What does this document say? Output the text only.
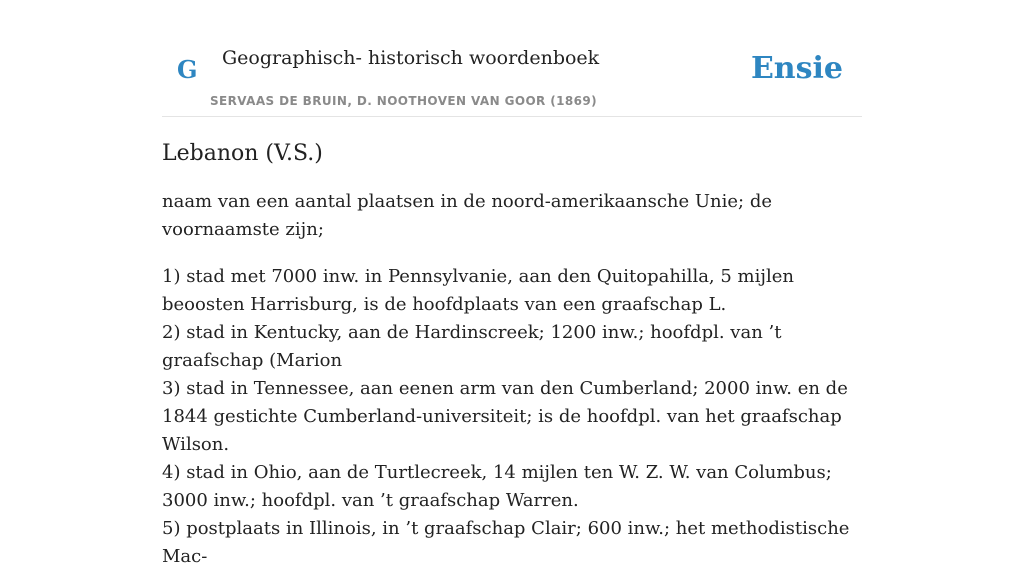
G Geographisch- historisch woordenboek
SERVAAS DE BRUIN, D. NOOTHOVEN VAN GOOR (1869)
Ensie
Lebanon (V.S.)

naam van een aantal plaatsen in de noord-amerikaansche Unie; de voornaamste zijn;

1) stad met 7000 inw. in Pennsylvanie, aan den Quitopahilla, 5 mijlen beoosten Harrisburg, is de hoofdplaats van een graafschap L.

2) stad in Kentucky, aan de Hardinscreek; 1200 inw.; hoofdpl. van ’t graafschap (Marion

3) stad in Tennessee, aan eenen arm van den Cumberland; 2000 inw. en de 1844 gestichte Cumberland-universiteit; is de hoofdpl. van het graafschap Wilson.

4) stad in Ohio, aan de Turtlecreek, 14 mijlen ten W. Z. W. van Columbus; 3000 inw.; hoofdpl. van ’t graafschap Warren.

5) postplaats in Illinois, in ’t graafschap Clair; 600 inw.; het methodistische Mac-
